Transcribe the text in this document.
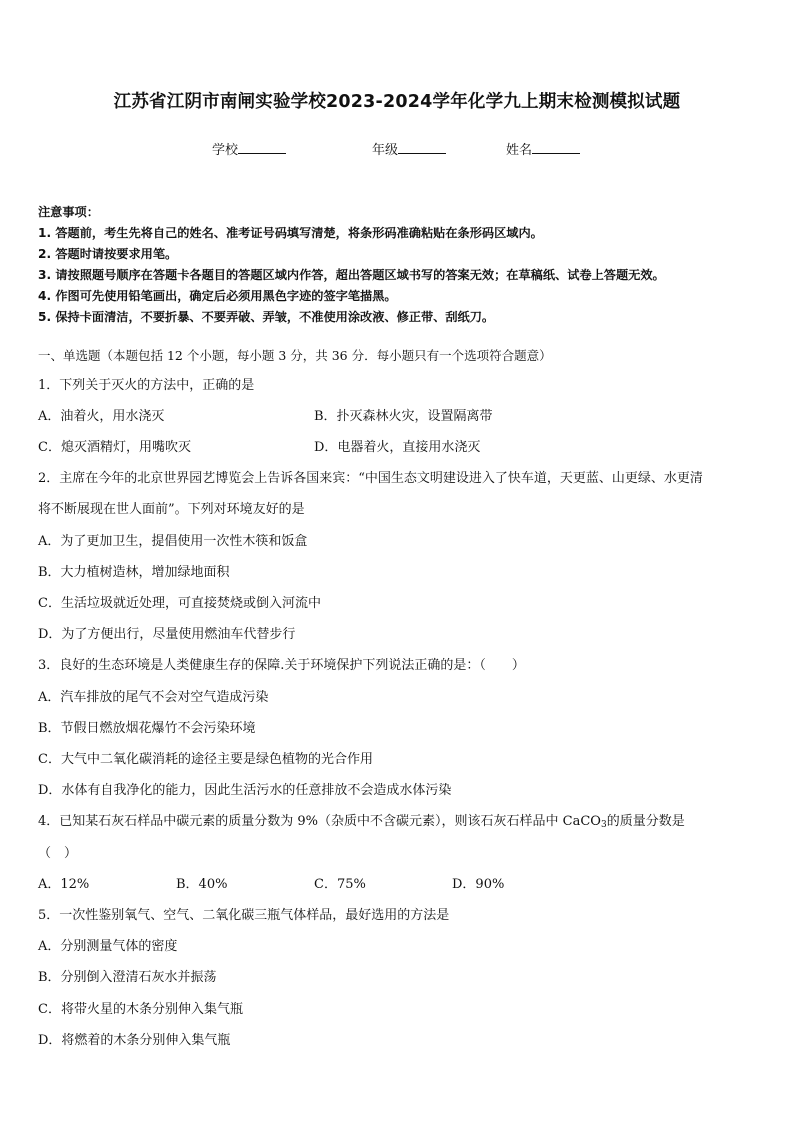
江苏省江阴市南闸实验学校2023-2024学年化学九上期末检测模拟试题
学校	年级	姓名
注意事项：
1. 答题前，考生先将自己的姓名、准考证号码填写清楚，将条形码准确粘贴在条形码区域内。
2. 答题时请按要求用笔。
3. 请按照题号顺序在答题卡各题目的答题区域内作答，超出答题区域书写的答案无效；在草稿纸、试卷上答题无效。
4. 作图可先使用铅笔画出，确定后必须用黑色字迹的签字笔描黑。
5. 保持卡面清洁，不要折暴、不要弄破、弄皱，不准使用涂改液、修正带、刮纸刀。
一、单选题（本题包括 12 个小题，每小题 3 分，共 36 分．每小题只有一个选项符合题意）
1．下列关于灭火的方法中，正确的是
A．油着火，用水浇灭	B．扑灭森林火灾，设置隔离带
C．熄灭酒精灯，用嘴吹灭	D．电器着火，直接用水浇灭
2．主席在今年的北京世界园艺博览会上告诉各国来宾：“中国生态文明建设进入了快车道，天更蓝、山更绿、水更清
将不断展现在世人面前”。下列对环境友好的是
A．为了更加卫生，提倡使用一次性木筷和饭盒
B．大力植树造林，增加绿地面积
C．生活垃圾就近处理，可直接焚烧或倒入河流中
D．为了方便出行，尽量使用燃油车代替步行
3．良好的生态环境是人类健康生存的保障.关于环境保护下列说法正确的是：（　　）
A．汽车排放的尾气不会对空气造成污染
B．节假日燃放烟花爆竹不会污染环境
C．大气中二氧化碳消耗的途径主要是绿色植物的光合作用
D．水体有自我净化的能力，因此生活污水的任意排放不会造成水体污染
4．已知某石灰石样品中碳元素的质量分数为 9%（杂质中不含碳元素），则该石灰石样品中 CaCO$_3$的质量分数是
（　）
A．12%	B．40%	C．75%	D．90%
5．一次性鉴别氧气、空气、二氧化碳三瓶气体样品，最好选用的方法是
A．分别测量气体的密度
B．分别倒入澄清石灰水并振荡
C．将带火星的木条分别伸入集气瓶
D．将燃着的木条分别伸入集气瓶
